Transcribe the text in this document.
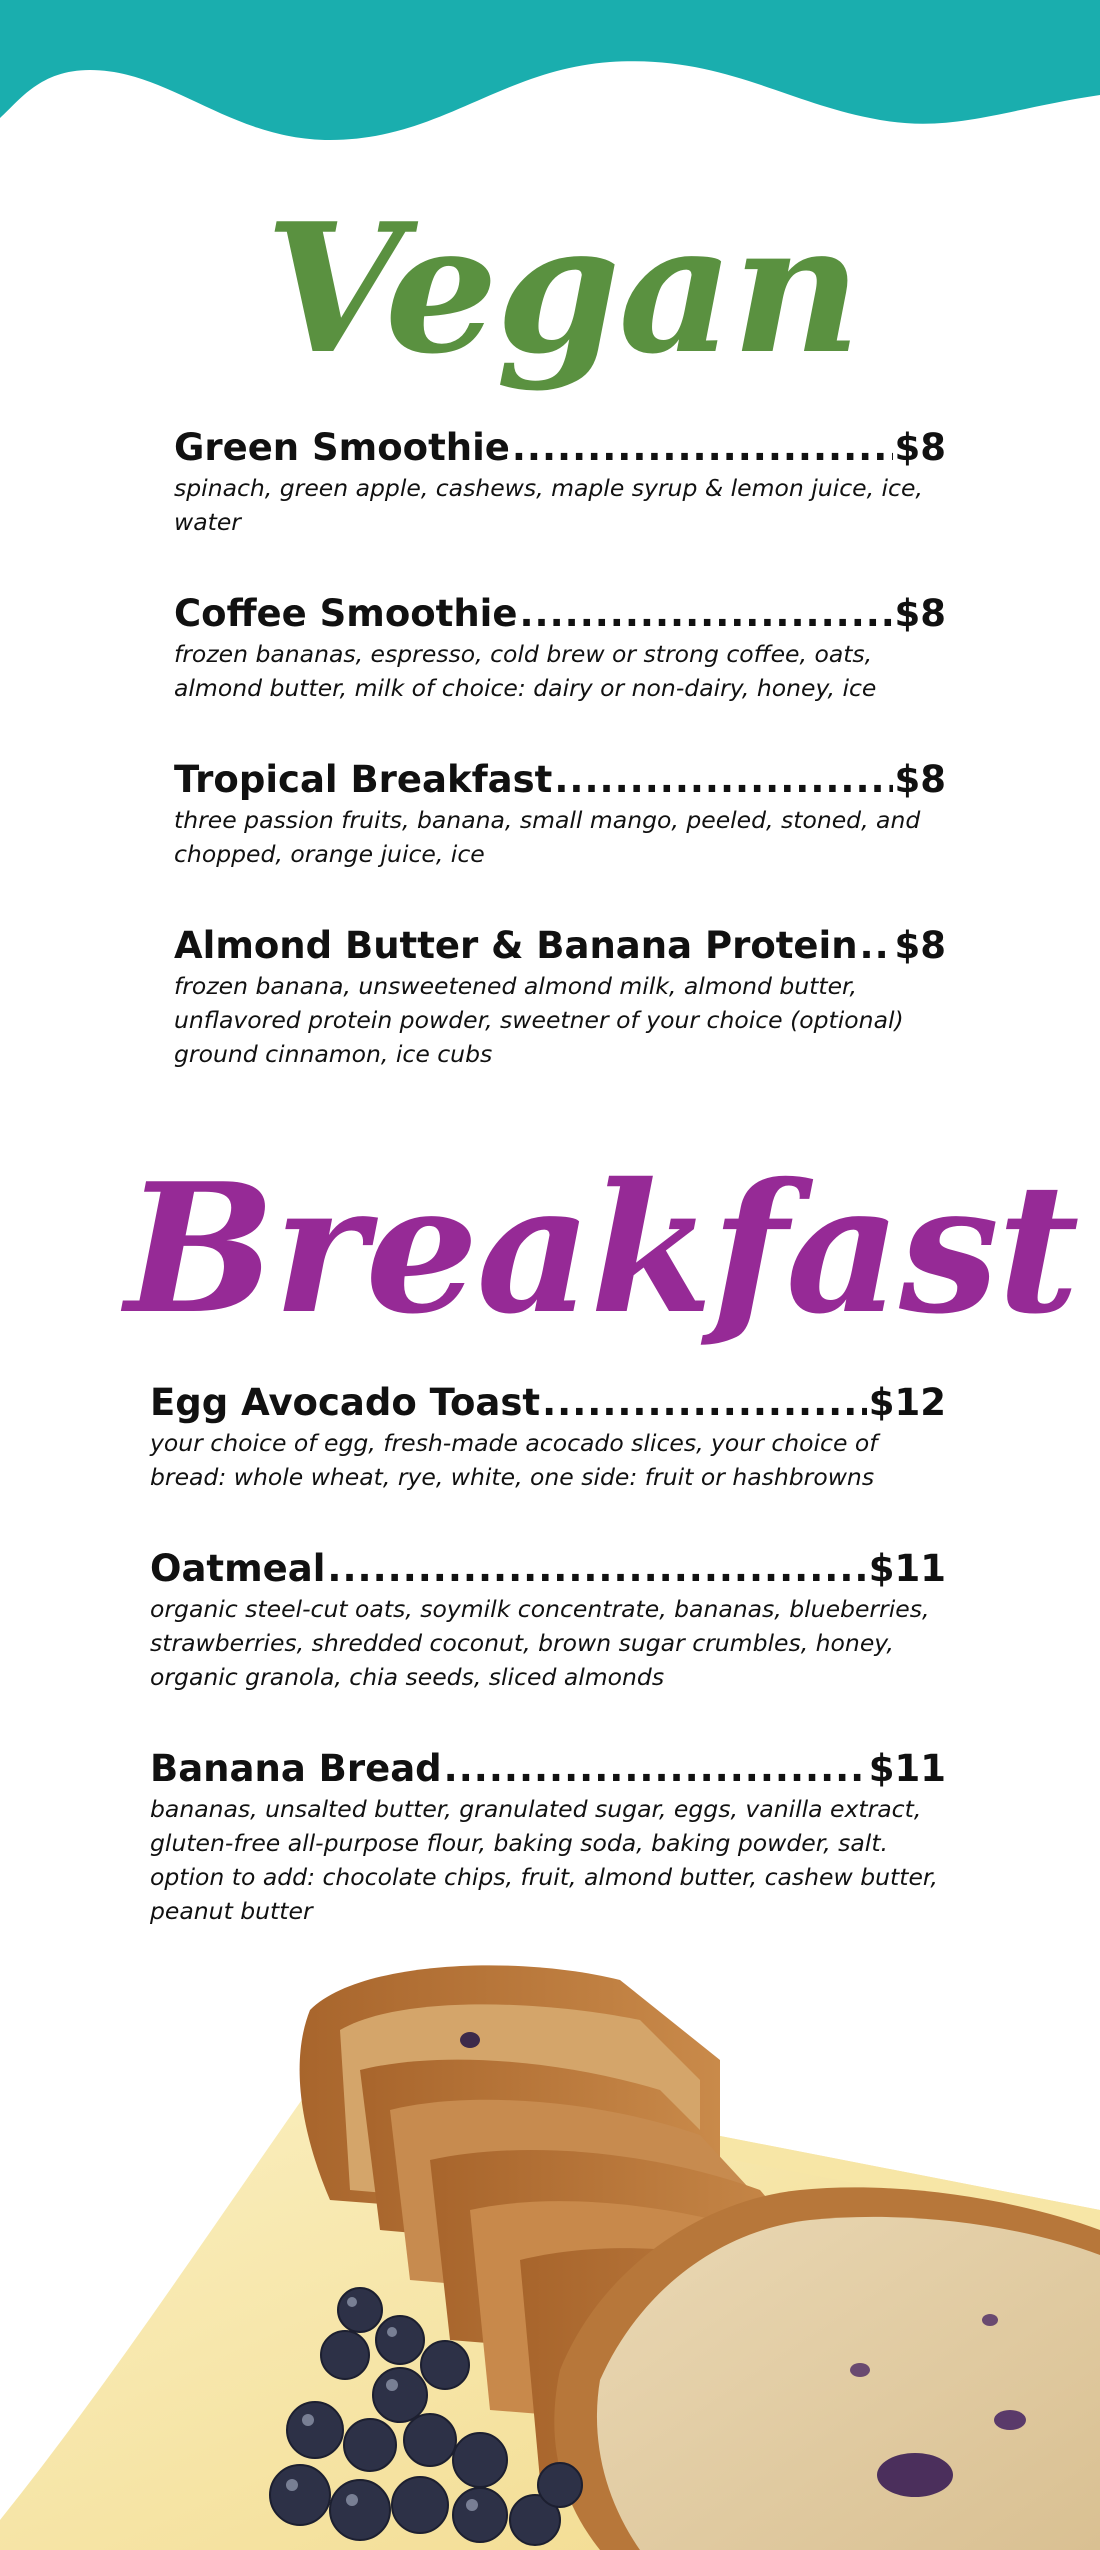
Vegan
Green Smoothie .....	$8
spinach, green apple, cashews, maple syrup & lemon juice, ice, water
Coffee Smoothie .....	$8
frozen bananas, espresso, cold brew or strong coffee, oats, almond butter, milk of choice: dairy or non-dairy, honey, ice
Tropical Breakfast .....	$8
three passion fruits, banana, small mango, peeled, stoned, and chopped, orange juice, ice
Almond Butter & Banana Protein ..... $8
frozen banana, unsweetened almond milk, almond butter, unflavored protein powder, sweetner of your choice (optional) ground cinnamon, ice cubs
Breakfast
Egg Avocado Toast .....	$12
your choice of egg, fresh-made acocado slices, your choice of bread: whole wheat, rye, white, one side: fruit or hashbrowns
Oatmeal .....	$11
organic steel-cut oats, soymilk concentrate, bananas, blueberries, strawberries, shredded coconut, brown sugar crumbles, honey, organic granola, chia seeds, sliced almonds
Banana Bread .....	$11
bananas, unsalted butter, granulated sugar, eggs, vanilla extract, gluten-free all-purpose flour, baking soda, baking powder, salt. option to add: chocolate chips, fruit, almond butter, cashew butter, peanut butter
